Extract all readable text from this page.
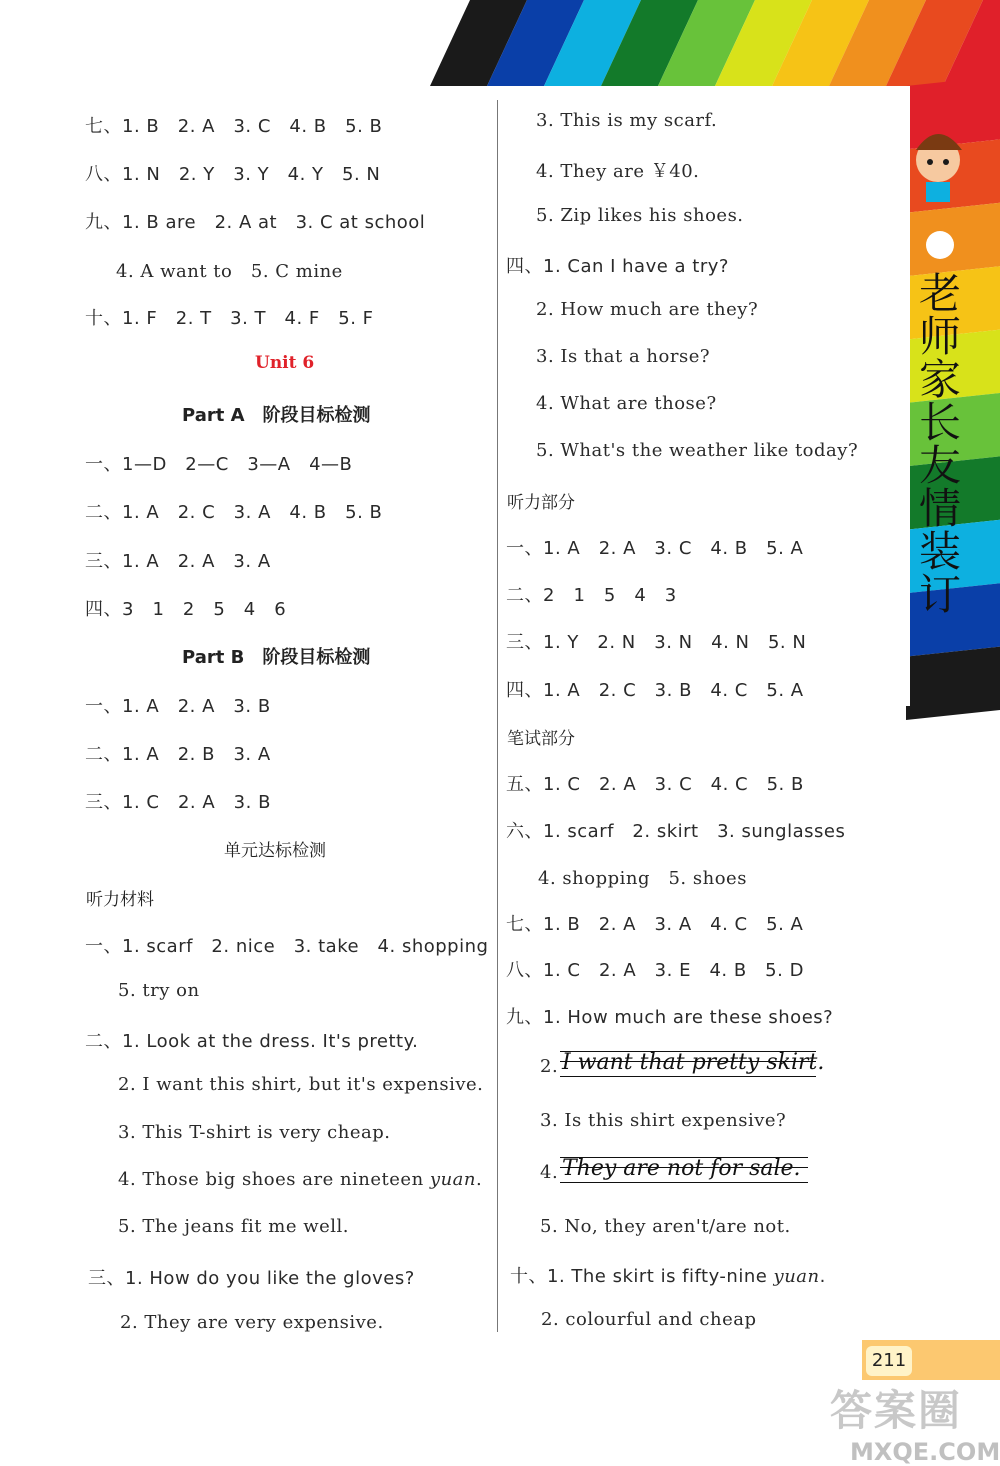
老师家长友情装订
七、1. B　2. A　3. C　4. B　5. B
八、1. N　2. Y　3. Y　4. Y　5. N
九、1. B are　2. A at　3. C at school
4. A want to　5. C mine
十、1. F　2. T　3. T　4. F　5. F
Unit 6
Part A　阶段目标检测
一、1—D　2—C　3—A　4—B
二、1. A　2. C　3. A　4. B　5. B
三、1. A　2. A　3. A
四、3　1　2　5　4　6
Part B　阶段目标检测
一、1. A　2. A　3. B
二、1. A　2. B　3. A
三、1. C　2. A　3. B
单元达标检测
听力材料
一、1. scarf　2. nice　3. take　4. shopping
5. try on
二、1. Look at the dress. It's pretty.
2. I want this shirt, but it's expensive.
3. This T-shirt is very cheap.
4. Those big shoes are nineteen yuan.
5. The jeans fit me well.
三、1. How do you like the gloves?
2. They are very expensive.
3. This is my scarf.
4. They are ￥40.
5. Zip likes his shoes.
四、1. Can I have a try?
2. How much are they?
3. Is that a horse?
4. What are those?
5. What's the weather like today?
听力部分
一、1. A　2. A　3. C　4. B　5. A
二、2　1　5　4　3
三、1. Y　2. N　3. N　4. N　5. N
四、1. A　2. C　3. B　4. C　5. A
笔试部分
五、1. C　2. A　3. C　4. C　5. B
六、1. scarf　2. skirt　3. sunglasses
4. shopping　5. shoes
七、1. B　2. A　3. A　4. C　5. A
八、1. C　2. A　3. E　4. B　5. D
九、1. How much are these shoes?
2. I want that pretty skirt.
3. Is this shirt expensive?
4. They are not for sale.
5. No, they aren't/are not.
十、1. The skirt is fifty-nine yuan.
2. colourful and cheap
211
答案圈
MXQE.COM
